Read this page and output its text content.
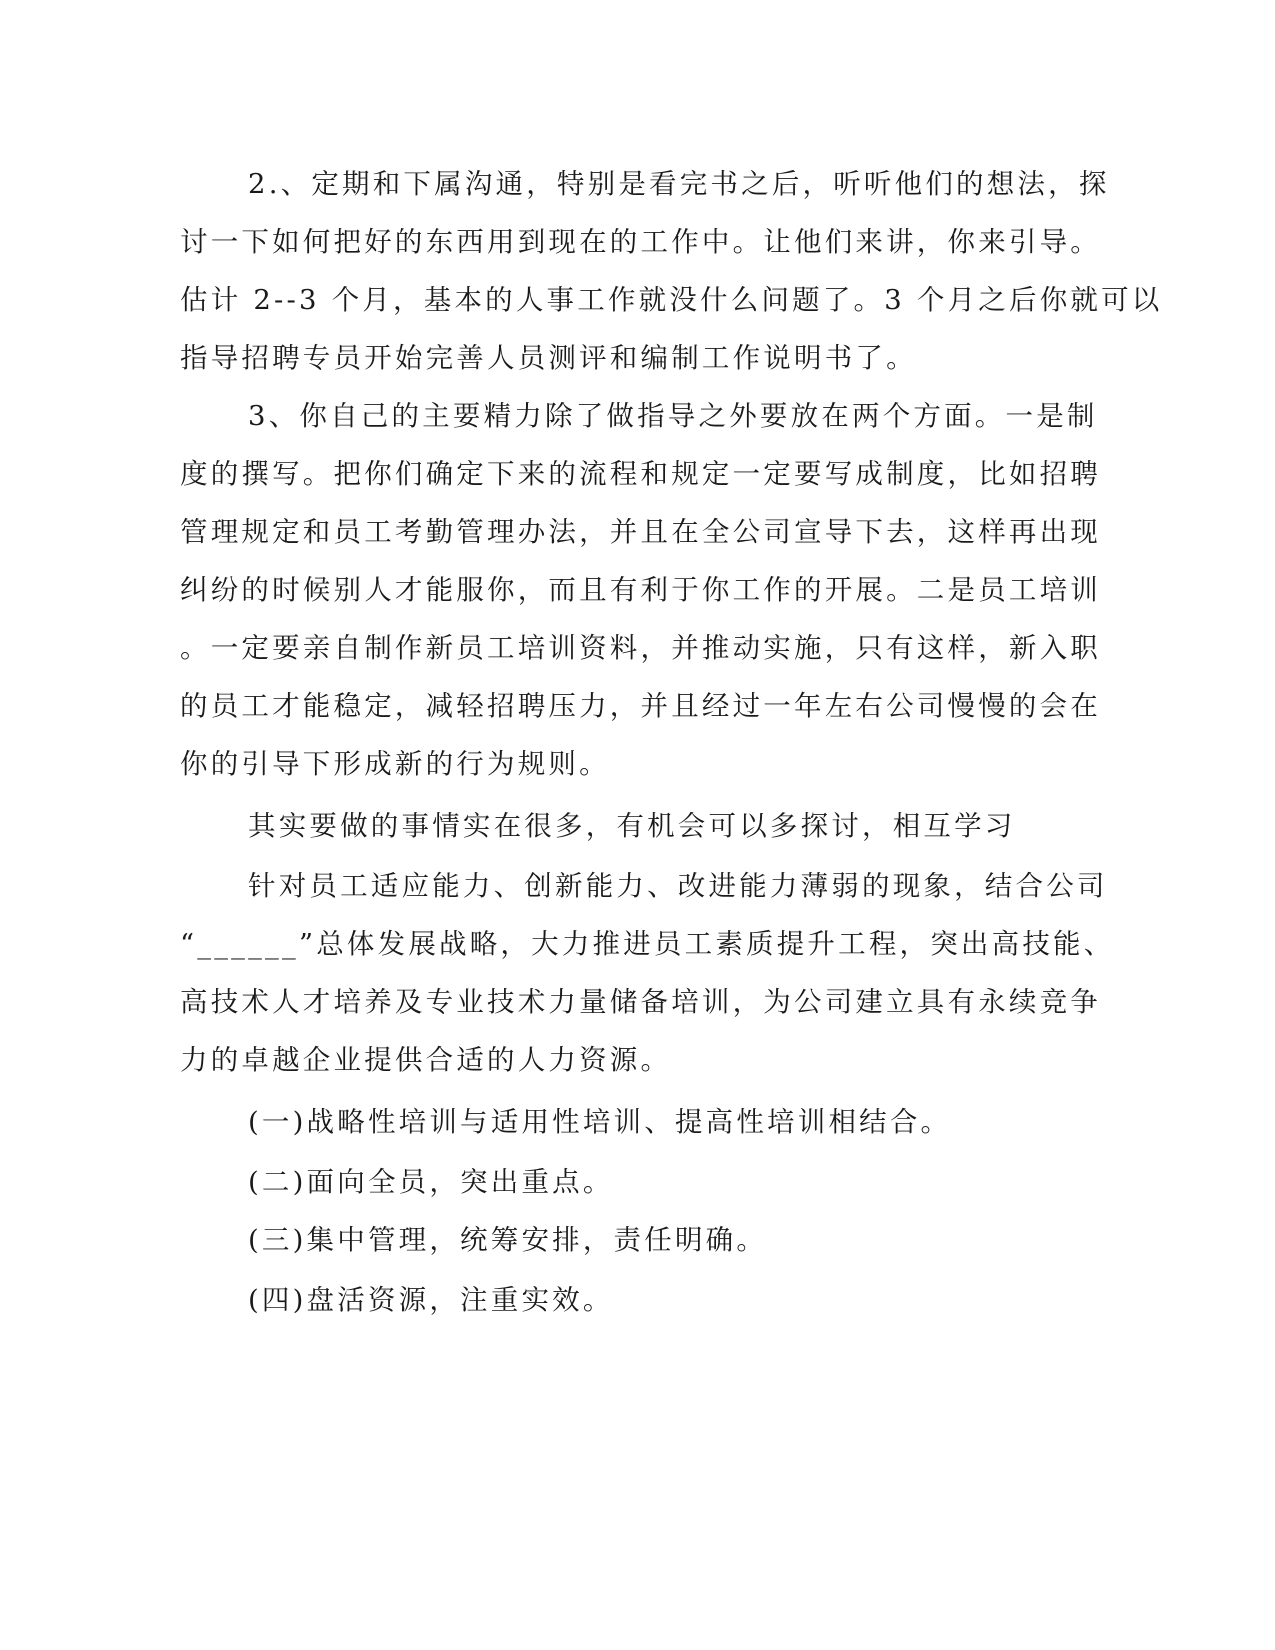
2.、定期和下属沟通，特别是看完书之后，听听他们的想法，探

讨一下如何把好的东西用到现在的工作中。让他们来讲，你来引导。

估计 2--3 个月，基本的人事工作就没什么问题了。3 个月之后你就可以

指导招聘专员开始完善人员测评和编制工作说明书了。

3、你自己的主要精力除了做指导之外要放在两个方面。一是制

度的撰写。把你们确定下来的流程和规定一定要写成制度，比如招聘

管理规定和员工考勤管理办法，并且在全公司宣导下去，这样再出现

纠纷的时候别人才能服你，而且有利于你工作的开展。二是员工培训

。一定要亲自制作新员工培训资料，并推动实施，只有这样，新入职

的员工才能稳定，减轻招聘压力，并且经过一年左右公司慢慢的会在

你的引导下形成新的行为规则。

其实要做的事情实在很多，有机会可以多探讨，相互学习

针对员工适应能力、创新能力、改进能力薄弱的现象，结合公司

“______”总体发展战略，大力推进员工素质提升工程，突出高技能、

高技术人才培养及专业技术力量储备培训，为公司建立具有永续竞争

力的卓越企业提供合适的人力资源。

(一)战略性培训与适用性培训、提高性培训相结合。

(二)面向全员，突出重点。

(三)集中管理，统筹安排，责任明确。

(四)盘活资源，注重实效。
